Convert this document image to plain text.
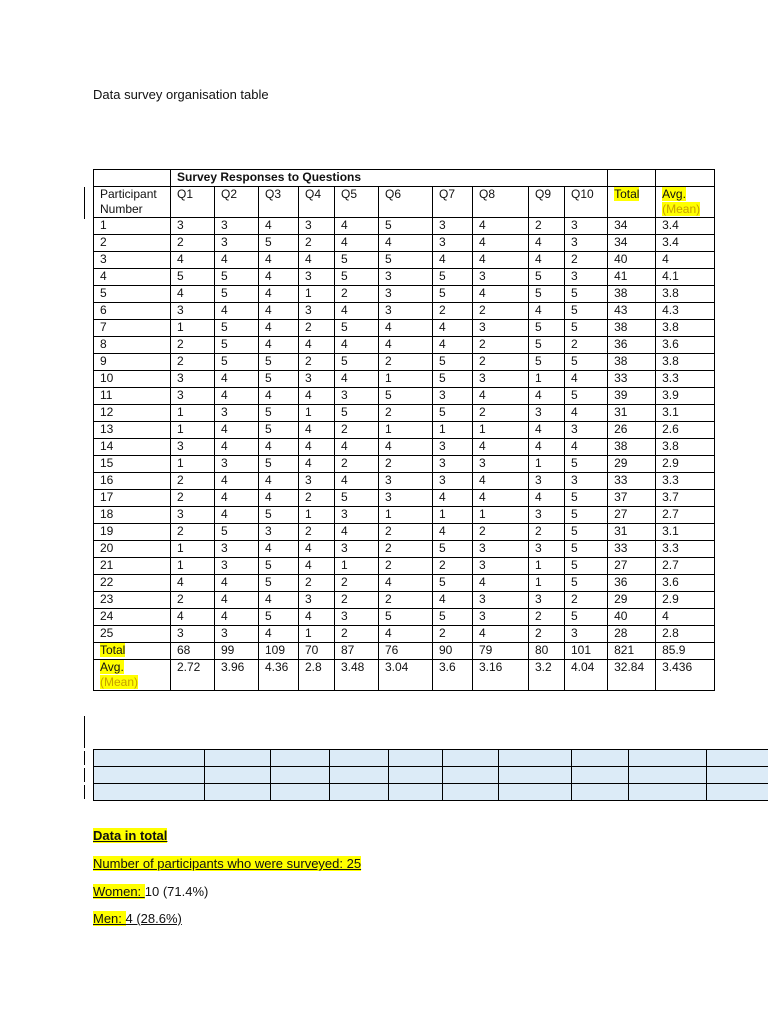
Data survey organisation table
	Survey Responses to Questions											
Participant
Number	Q1	Q2	Q3	Q4	Q5	Q6	Q7	Q8	Q9	Q10	Total	Avg.
(Mean)
1	3	3	4	3	4	5	3	4	2	3	34	3.4
2	2	3	5	2	4	4	3	4	4	3	34	3.4
3	4	4	4	4	5	5	4	4	4	2	40	4
4	5	5	4	3	5	3	5	3	5	3	41	4.1
5	4	5	4	1	2	3	5	4	5	5	38	3.8
6	3	4	4	3	4	3	2	2	4	5	43	4.3
7	1	5	4	2	5	4	4	3	5	5	38	3.8
8	2	5	4	4	4	4	4	2	5	2	36	3.6
9	2	5	5	2	5	2	5	2	5	5	38	3.8
10	3	4	5	3	4	1	5	3	1	4	33	3.3
11	3	4	4	4	3	5	3	4	4	5	39	3.9
12	1	3	5	1	5	2	5	2	3	4	31	3.1
13	1	4	5	4	2	1	1	1	4	3	26	2.6
14	3	4	4	4	4	4	3	4	4	4	38	3.8
15	1	3	5	4	2	2	3	3	1	5	29	2.9
16	2	4	4	3	4	3	3	4	3	3	33	3.3
17	2	4	4	2	5	3	4	4	4	5	37	3.7
18	3	4	5	1	3	1	1	1	3	5	27	2.7
19	2	5	3	2	4	2	4	2	2	5	31	3.1
20	1	3	4	4	3	2	5	3	3	5	33	3.3
21	1	3	5	4	1	2	2	3	1	5	27	2.7
22	4	4	5	2	2	4	5	4	1	5	36	3.6
23	2	4	4	3	2	2	4	3	3	2	29	2.9
24	4	4	5	4	3	5	5	3	2	5	40	4
25	3	3	4	1	2	4	2	4	2	3	28	2.8
Total	68	99	109	70	87	76	90	79	80	101	821	85.9
Avg.
(Mean)	2.72	3.96	4.36	2.8	3.48	3.04	3.6	3.16	3.2	4.04	32.84	3.436

Data in total
Number of participants who were surveyed: 25
Women: 10 (71.4%)
Men: 4 (28.6%)
